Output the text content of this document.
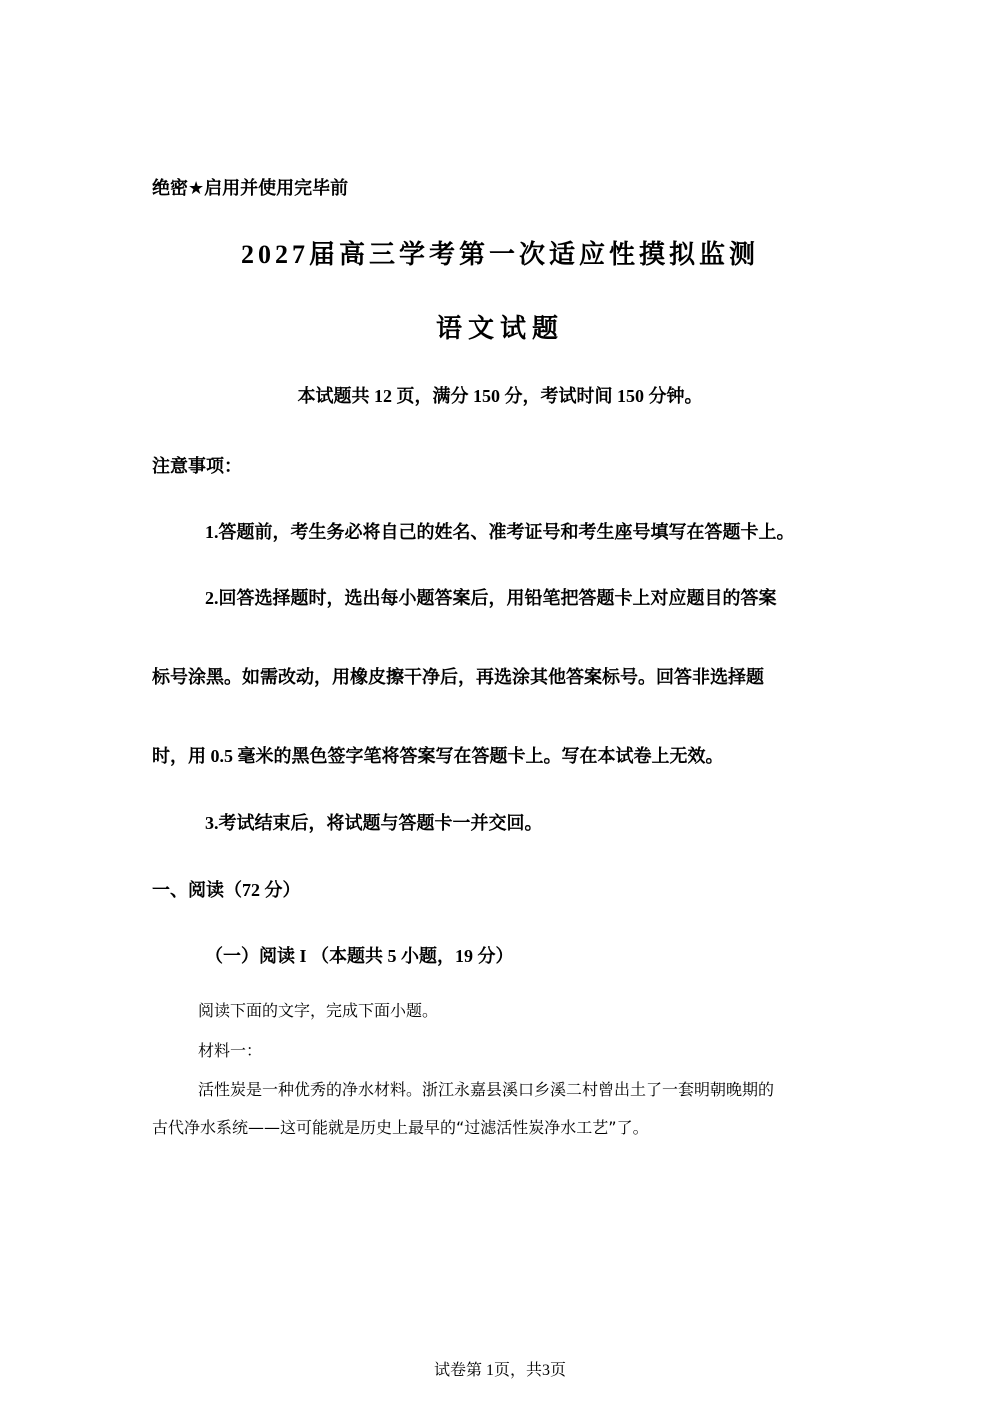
绝密★启用并使用完毕前
2027届高三学考第一次适应性摸拟监测
语文试题
本试题共 12 页，满分 150 分，考试时间 150 分钟。
注意事项：
1.答题前，考生务必将自己的姓名、准考证号和考生座号填写在答题卡上。
2.回答选择题时，选出每小题答案后，用铅笔把答题卡上对应题目的答案
标号涂黑。如需改动，用橡皮擦干净后，再选涂其他答案标号。回答非选择题
时，用 0.5 毫米的黑色签字笔将答案写在答题卡上。写在本试卷上无效。
3.考试结束后，将试题与答题卡一并交回。
一、阅读（72 分）
（一）阅读 I （本题共 5 小题，19 分）
阅读下面的文字，完成下面小题。
材料一：
活性炭是一种优秀的净水材料。浙江永嘉县溪口乡溪二村曾出土了一套明朝晚期的
古代净水系统——这可能就是历史上最早的“过滤活性炭净水工艺”了。
试卷第 1页，共3页
